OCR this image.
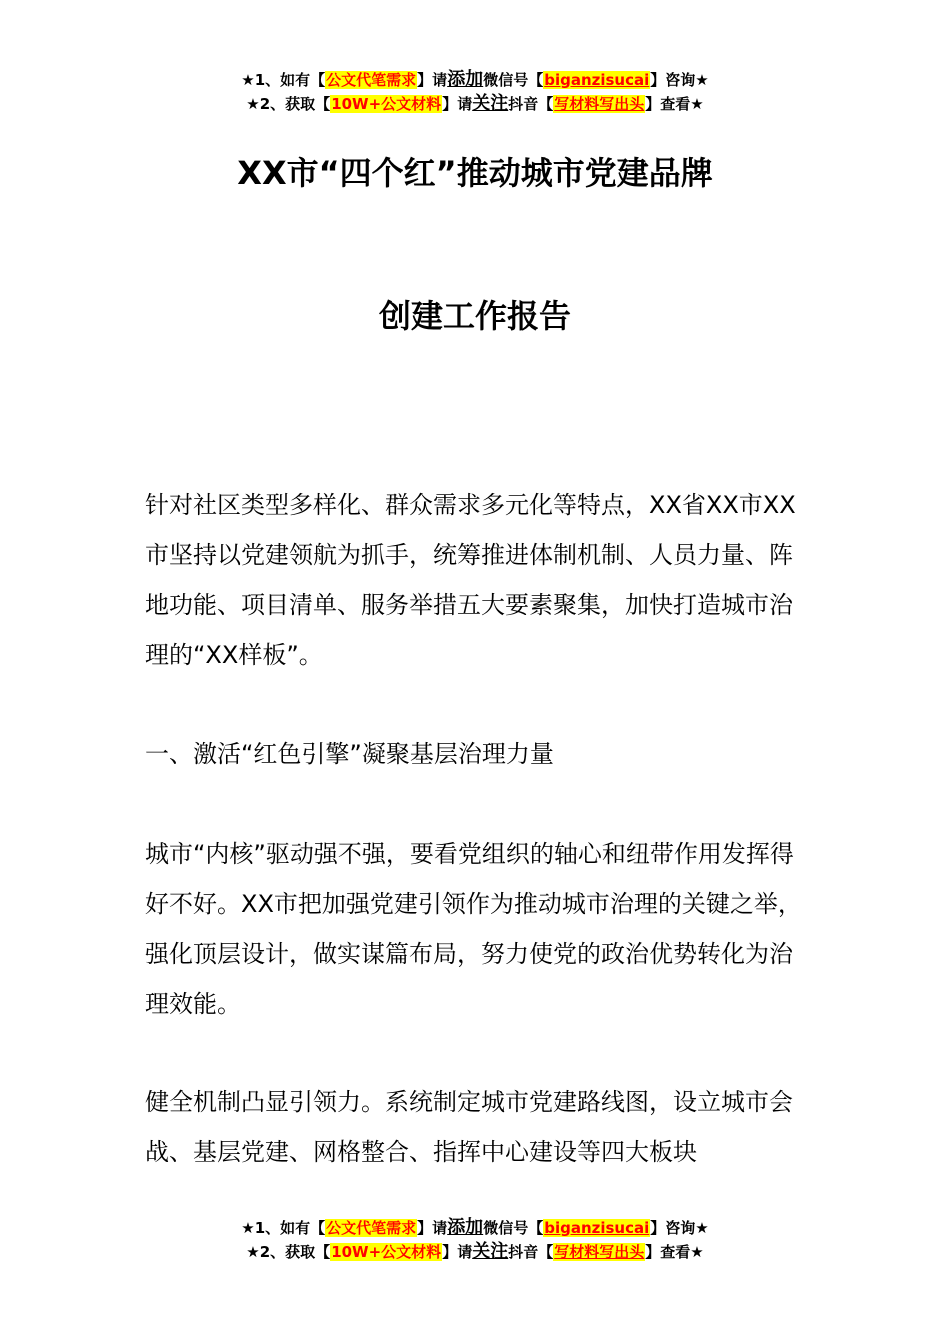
★1、如有【公文代笔需求】请添加微信号【biganzisucai】咨询★
★2、获取【10W+公文材料】请关注抖音【写材料写出头】查看★
XX市“四个红”推动城市党建品牌
创建工作报告

针对社区类型多样化、群众需求多元化等特点，XX省XX市XX市坚持以党建领航为抓手，统筹推进体制机制、人员力量、阵地功能、项目清单、服务举措五大要素聚集，加快打造城市治理的“XX样板”。

一、激活“红色引擎”凝聚基层治理力量

城市“内核”驱动强不强，要看党组织的轴心和纽带作用发挥得好不好。XX市把加强党建引领作为推动城市治理的关键之举，强化顶层设计，做实谋篇布局，努力使党的政治优势转化为治理效能。

健全机制凸显引领力。系统制定城市党建路线图，设立城市会战、基层党建、网格整合、指挥中心建设等四大板块

★1、如有【公文代笔需求】请添加微信号【biganzisucai】咨询★
★2、获取【10W+公文材料】请关注抖音【写材料写出头】查看★
